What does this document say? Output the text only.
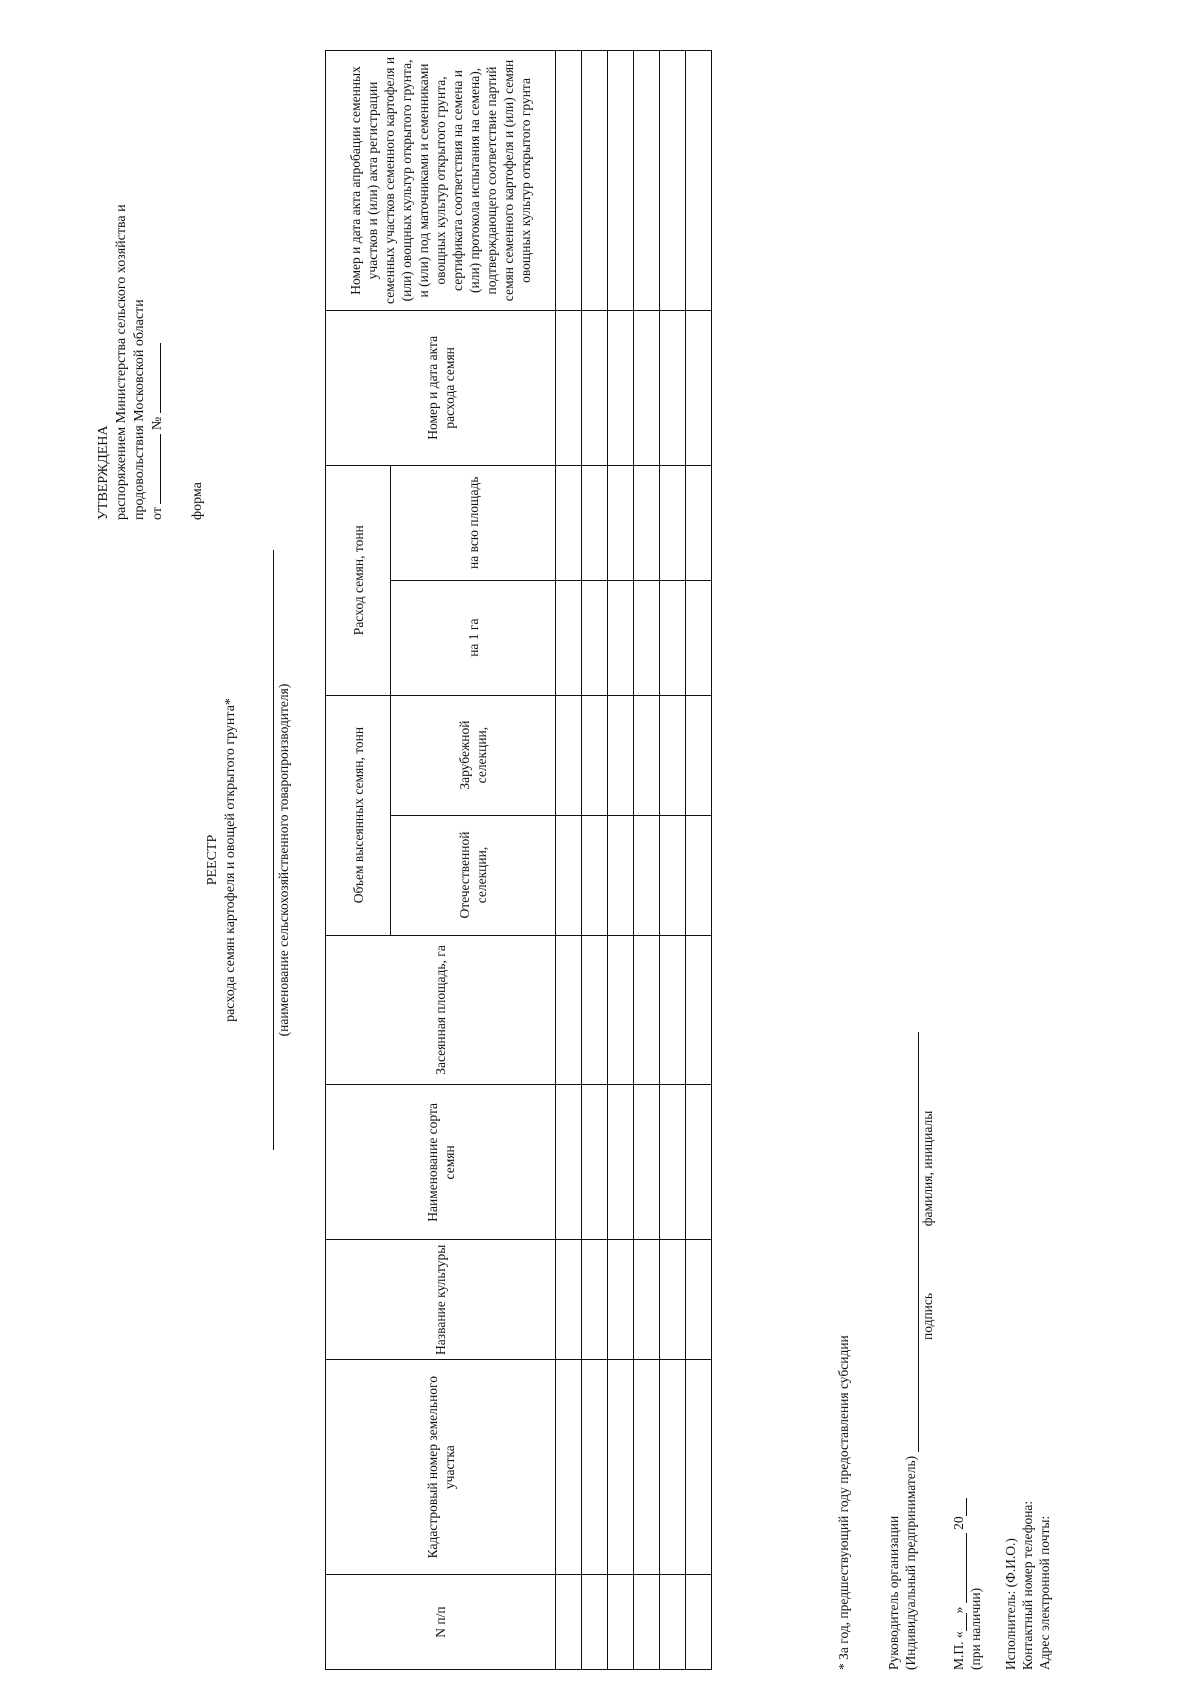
УТВЕРЖДЕНА распоряжением Министерства сельского хозяйства и продовольствия Московской области от  №
форма
РЕЕСТР расхода семян картофеля и овощей открытого грунта*	(наименование сельскохозяйственного товаропроизводителя)
N п/п	Кадастровый номер земельного участка	Название культуры	Наименование сорта семян	Засеянная площадь, га	Объем высеянных семян, тонн		Расход семян, тонн		Номер и дата акта расхода семян	Номер и дата акта апробации семенных участков и (или) акта регистрации семенных участков семенного картофеля и (или) овощных культур открытого грунта, и (или) под маточниками и семенниками овощных культур открытого грунта, сертификата соответствия на семена и (или) протокола испытания на семена), подтверждающего соответствие партий семян семенного картофеля и (или) семян овощных культур открытого грунта
					Отечественной селекции,	Зарубежной селекции,	на 1 га	на всю площадь		

* За год, предшествующий году предоставления субсидии	Руководитель организации (Индивидуальный предприниматель)
подпись  фамилия, инициалы
М.П. «»  20
(при наличии) Исполнитель: (Ф.И.О.) Контактный номер телефона: Адрес электронной почты:
